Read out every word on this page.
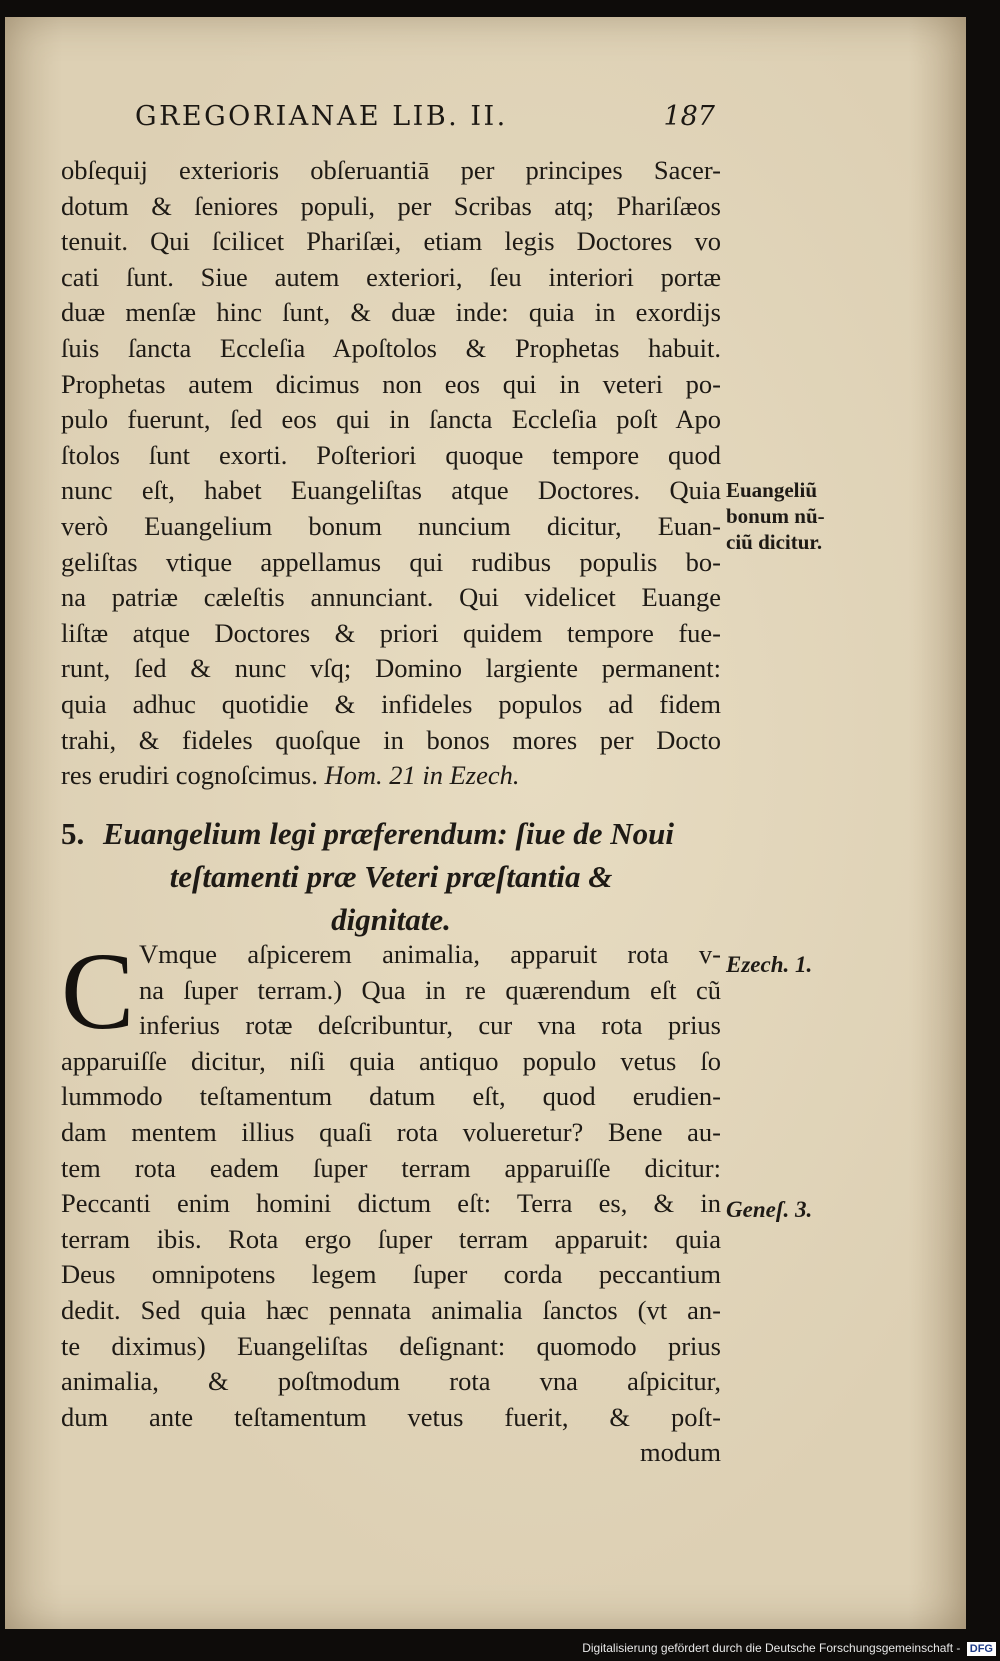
GREGORIANAE LIB. II.	187
obſequij exterioris obſeruantiā per principes Sacer-
dotum & ſeniores populi, per Scribas atq; Phariſæos
tenuit. Qui ſcilicet Phariſæi, etiam legis Doctores vo
cati ſunt. Siue autem exteriori, ſeu interiori portæ
duæ menſæ hinc ſunt, & duæ inde: quia in exordijs
ſuis ſancta Eccleſia Apoſtolos & Prophetas habuit.
Prophetas autem dicimus non eos qui in veteri po-
pulo fuerunt, ſed eos qui in ſancta Eccleſia poſt Apo
ſtolos ſunt exorti. Poſteriori quoque tempore quod
nunc eſt, habet Euangeliſtas atque Doctores. Quia
verò Euangelium bonum nuncium dicitur, Euan-
geliſtas vtique appellamus qui rudibus populis bo-
na patriæ cæleſtis annunciant. Qui videlicet Euange
liſtæ atque Doctores & priori quidem tempore fue-
runt, ſed & nunc vſq; Domino largiente permanent:
quia adhuc quotidie & infideles populos ad fidem
trahi, & fideles quoſque in bonos mores per Docto
res erudiri cognoſcimus. Hom. 21 in Ezech.
5. Euangelium legi præferendum: ſiue de Noui
teſtamenti præ Veteri præſtantia &
dignitate.
C Vmque aſpicerem animalia, apparuit rota v-
na ſuper terram.) Qua in re quærendum eſt cũ
inferius rotæ deſcribuntur, cur vna rota prius
apparuiſſe dicitur, niſi quia antiquo populo vetus ſo
lummodo teſtamentum datum eſt, quod erudien-
dam mentem illius quaſi rota volueretur? Bene au-
tem rota eadem ſuper terram apparuiſſe dicitur:
Peccanti enim homini dictum eſt: Terra es, & in
terram ibis. Rota ergo ſuper terram apparuit: quia
Deus omnipotens legem ſuper corda peccantium
dedit. Sed quia hæc pennata animalia ſanctos (vt an-
te diximus) Euangeliſtas deſignant: quomodo prius
animalia, & poſtmodum rota vna aſpicitur,
dum ante teſtamentum vetus fuerit, & poſt-
modum
Euangeliũ
bonum nũ-
ciũ dicitur.
Ezech. 1.
Geneſ. 3.
Digitalisierung gefördert durch die Deutsche Forschungsgemeinschaft - DFG
